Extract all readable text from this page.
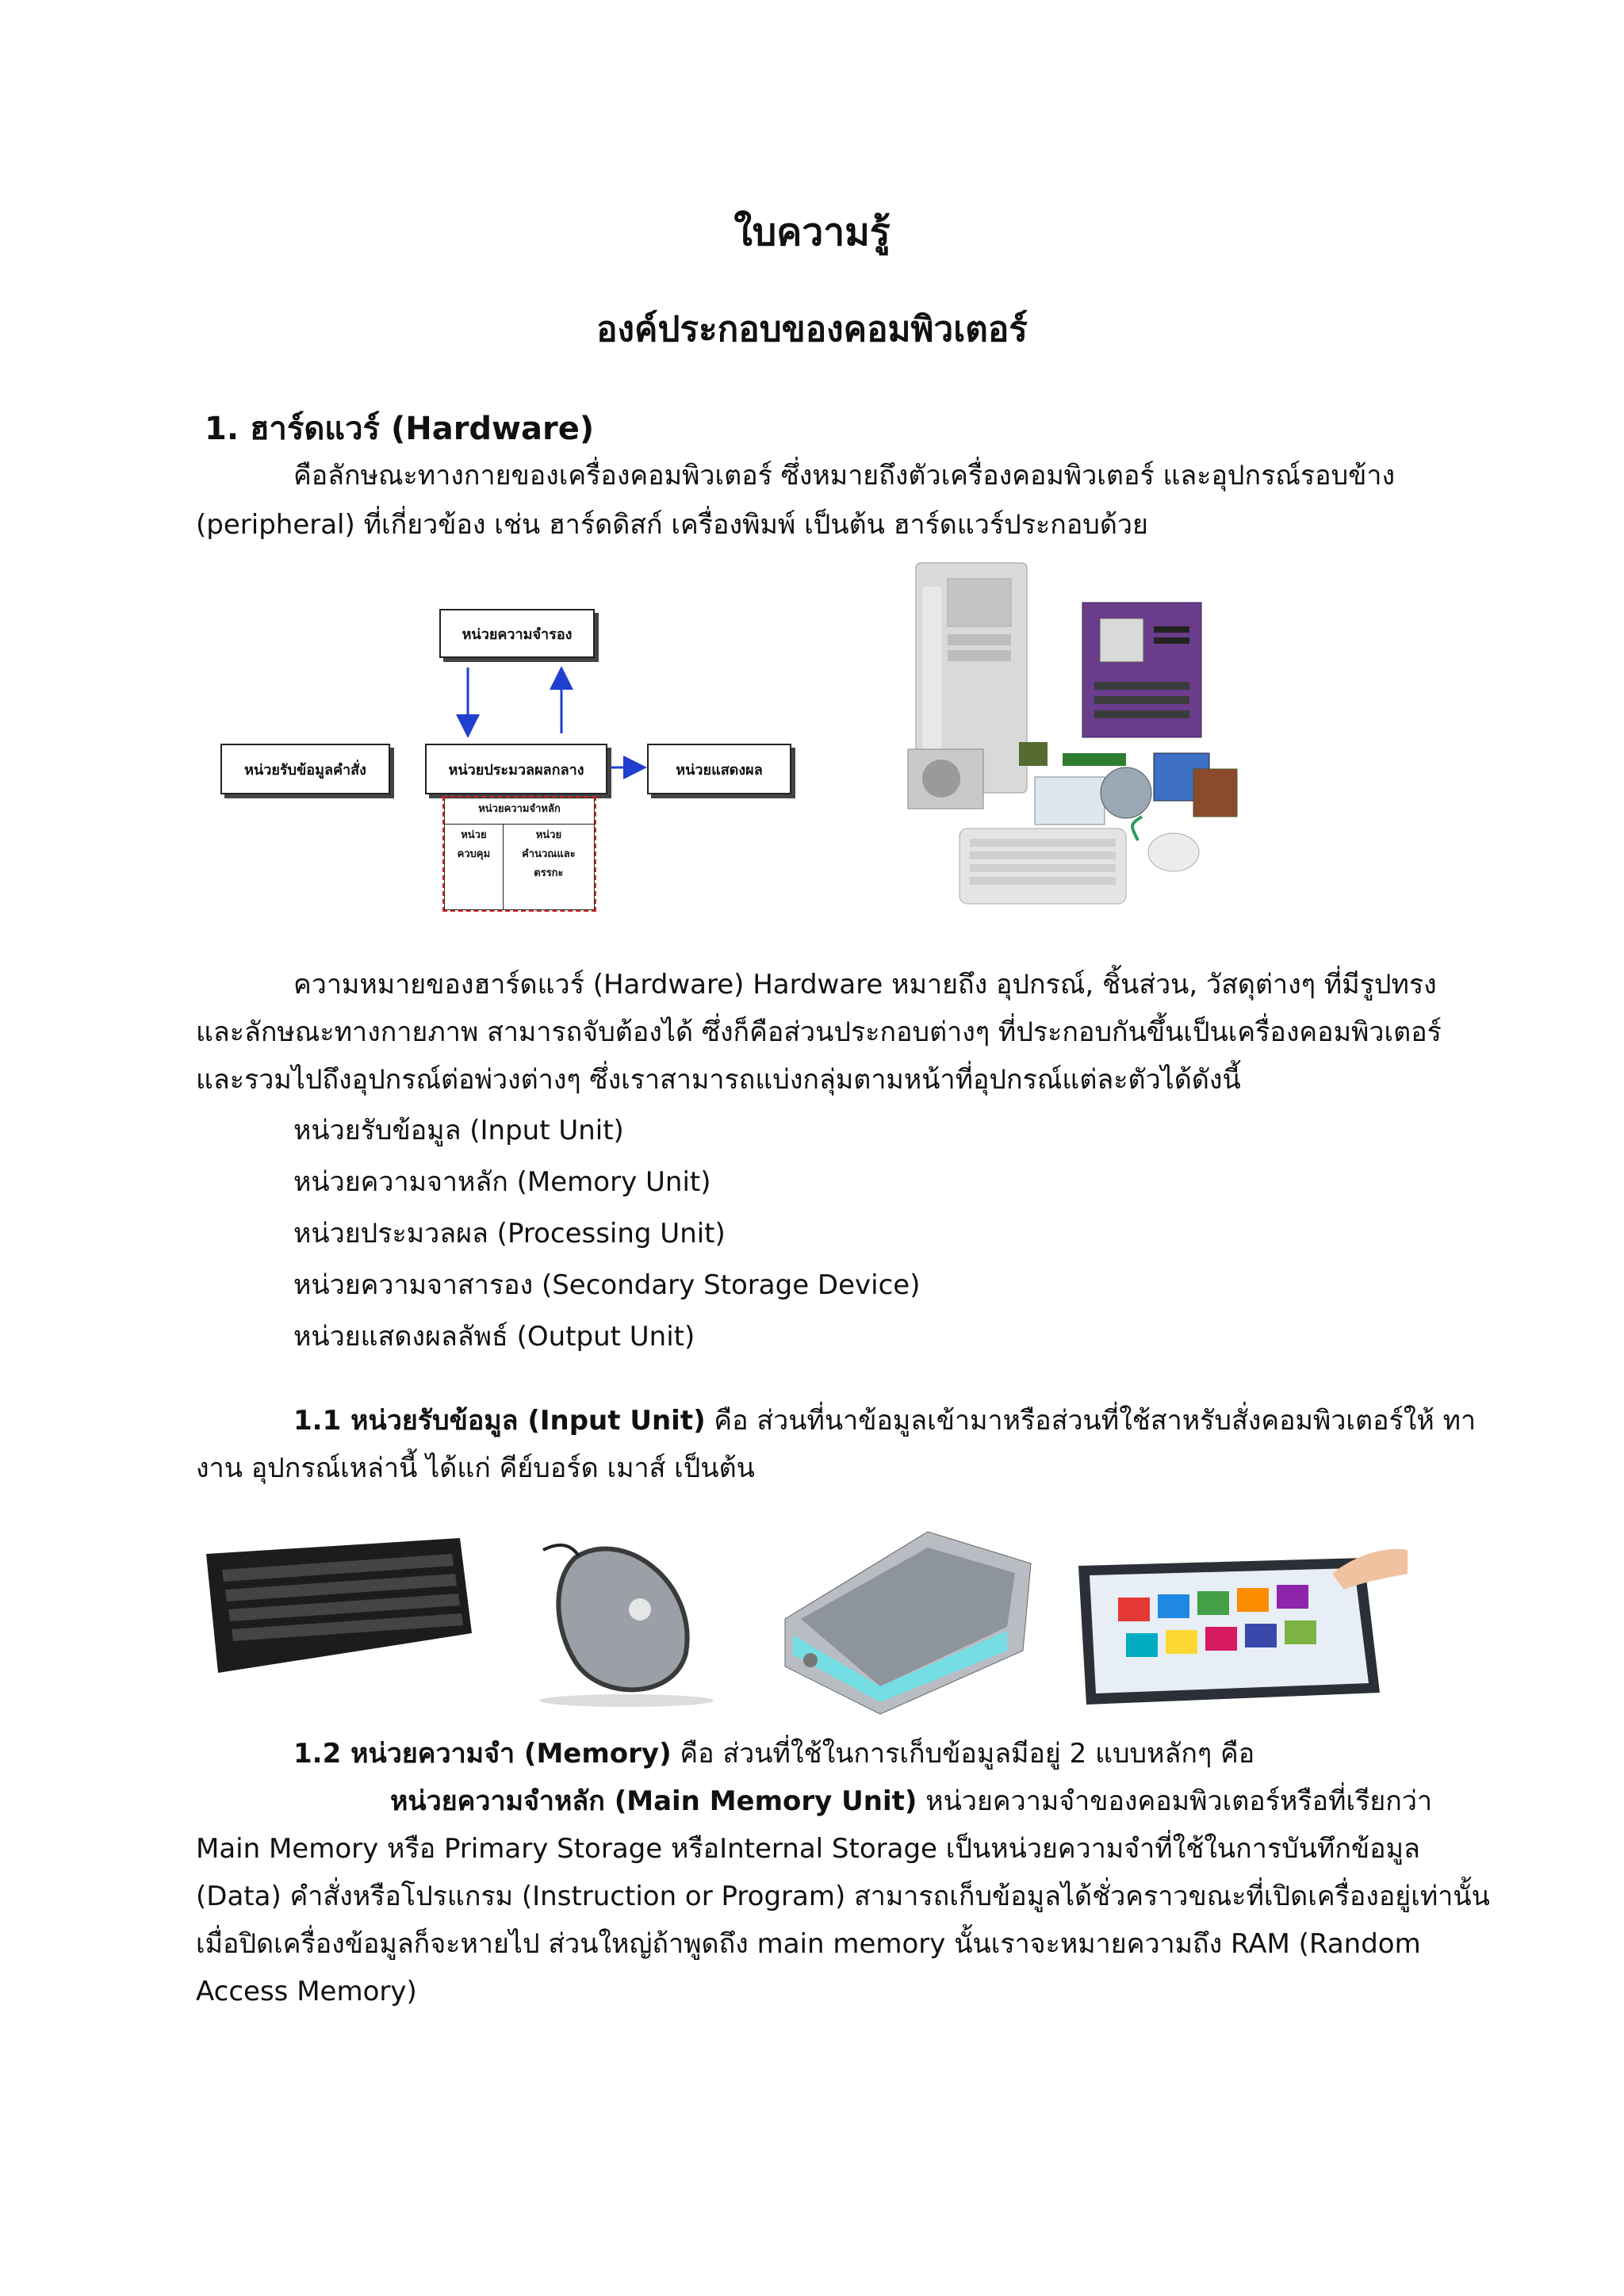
ใบความรู้
องค์ประกอบของคอมพิวเตอร์
1. ฮาร์ดแวร์ (Hardware)
คือลักษณะทางกายของเครื่องคอมพิวเตอร์ ซึ่งหมายถึงตัวเครื่องคอมพิวเตอร์ และอุปกรณ์รอบข้าง
(peripheral) ที่เกี่ยวข้อง เช่น ฮาร์ดดิสก์ เครื่องพิมพ์ เป็นต้น ฮาร์ดแวร์ประกอบด้วย
หน่วยความจำรอง
หน่วยรับข้อมูลคำสั่ง	หน่วยประมวลผลกลาง	หน่วยแสดงผล
หน่วยความจำหลัก

หน่วย
ควบคุม

หน่วย
คำนวณและ
ตรรกะ
ความหมายของฮาร์ดแวร์ (Hardware) Hardware หมายถึง อุปกรณ์, ชิ้นส่วน, วัสดุต่างๆ ที่มีรูปทรง
และลักษณะทางกายภาพ สามารถจับต้องได้ ซึ่งก็คือส่วนประกอบต่างๆ ที่ประกอบกันขึ้นเป็นเครื่องคอมพิวเตอร์
และรวมไปถึงอุปกรณ์ต่อพ่วงต่างๆ ซึ่งเราสามารถแบ่งกลุ่มตามหน้าที่อุปกรณ์แต่ละตัวได้ดังนี้
หน่วยรับข้อมูล (Input Unit)
หน่วยความจาหลัก (Memory Unit)
หน่วยประมวลผล (Processing Unit)
หน่วยความจาสารอง (Secondary Storage Device)
หน่วยแสดงผลลัพธ์ (Output Unit)
1.1 หน่วยรับข้อมูล (Input Unit) คือ ส่วนที่นาข้อมูลเข้ามาหรือส่วนที่ใช้สาหรับสั่งคอมพิวเตอร์ให้ ทา
งาน อุปกรณ์เหล่านี้ ได้แก่ คีย์บอร์ด เมาส์ เป็นต้น
1.2 หน่วยความจำ (Memory) คือ ส่วนที่ใช้ในการเก็บข้อมูลมีอยู่ 2 แบบหลักๆ คือ
หน่วยความจำหลัก (Main Memory Unit) หน่วยความจำของคอมพิวเตอร์หรือที่เรียกว่า
Main Memory หรือ Primary Storage หรือInternal Storage เป็นหน่วยความจำที่ใช้ในการบันทึกข้อมูล
(Data) คำสั่งหรือโปรแกรม (Instruction or Program) สามารถเก็บข้อมูลได้ชั่วคราวขณะที่เปิดเครื่องอยู่เท่านั้น
เมื่อปิดเครื่องข้อมูลก็จะหายไป ส่วนใหญ่ถ้าพูดถึง main memory นั้นเราจะหมายความถึง RAM (Random
Access Memory)
